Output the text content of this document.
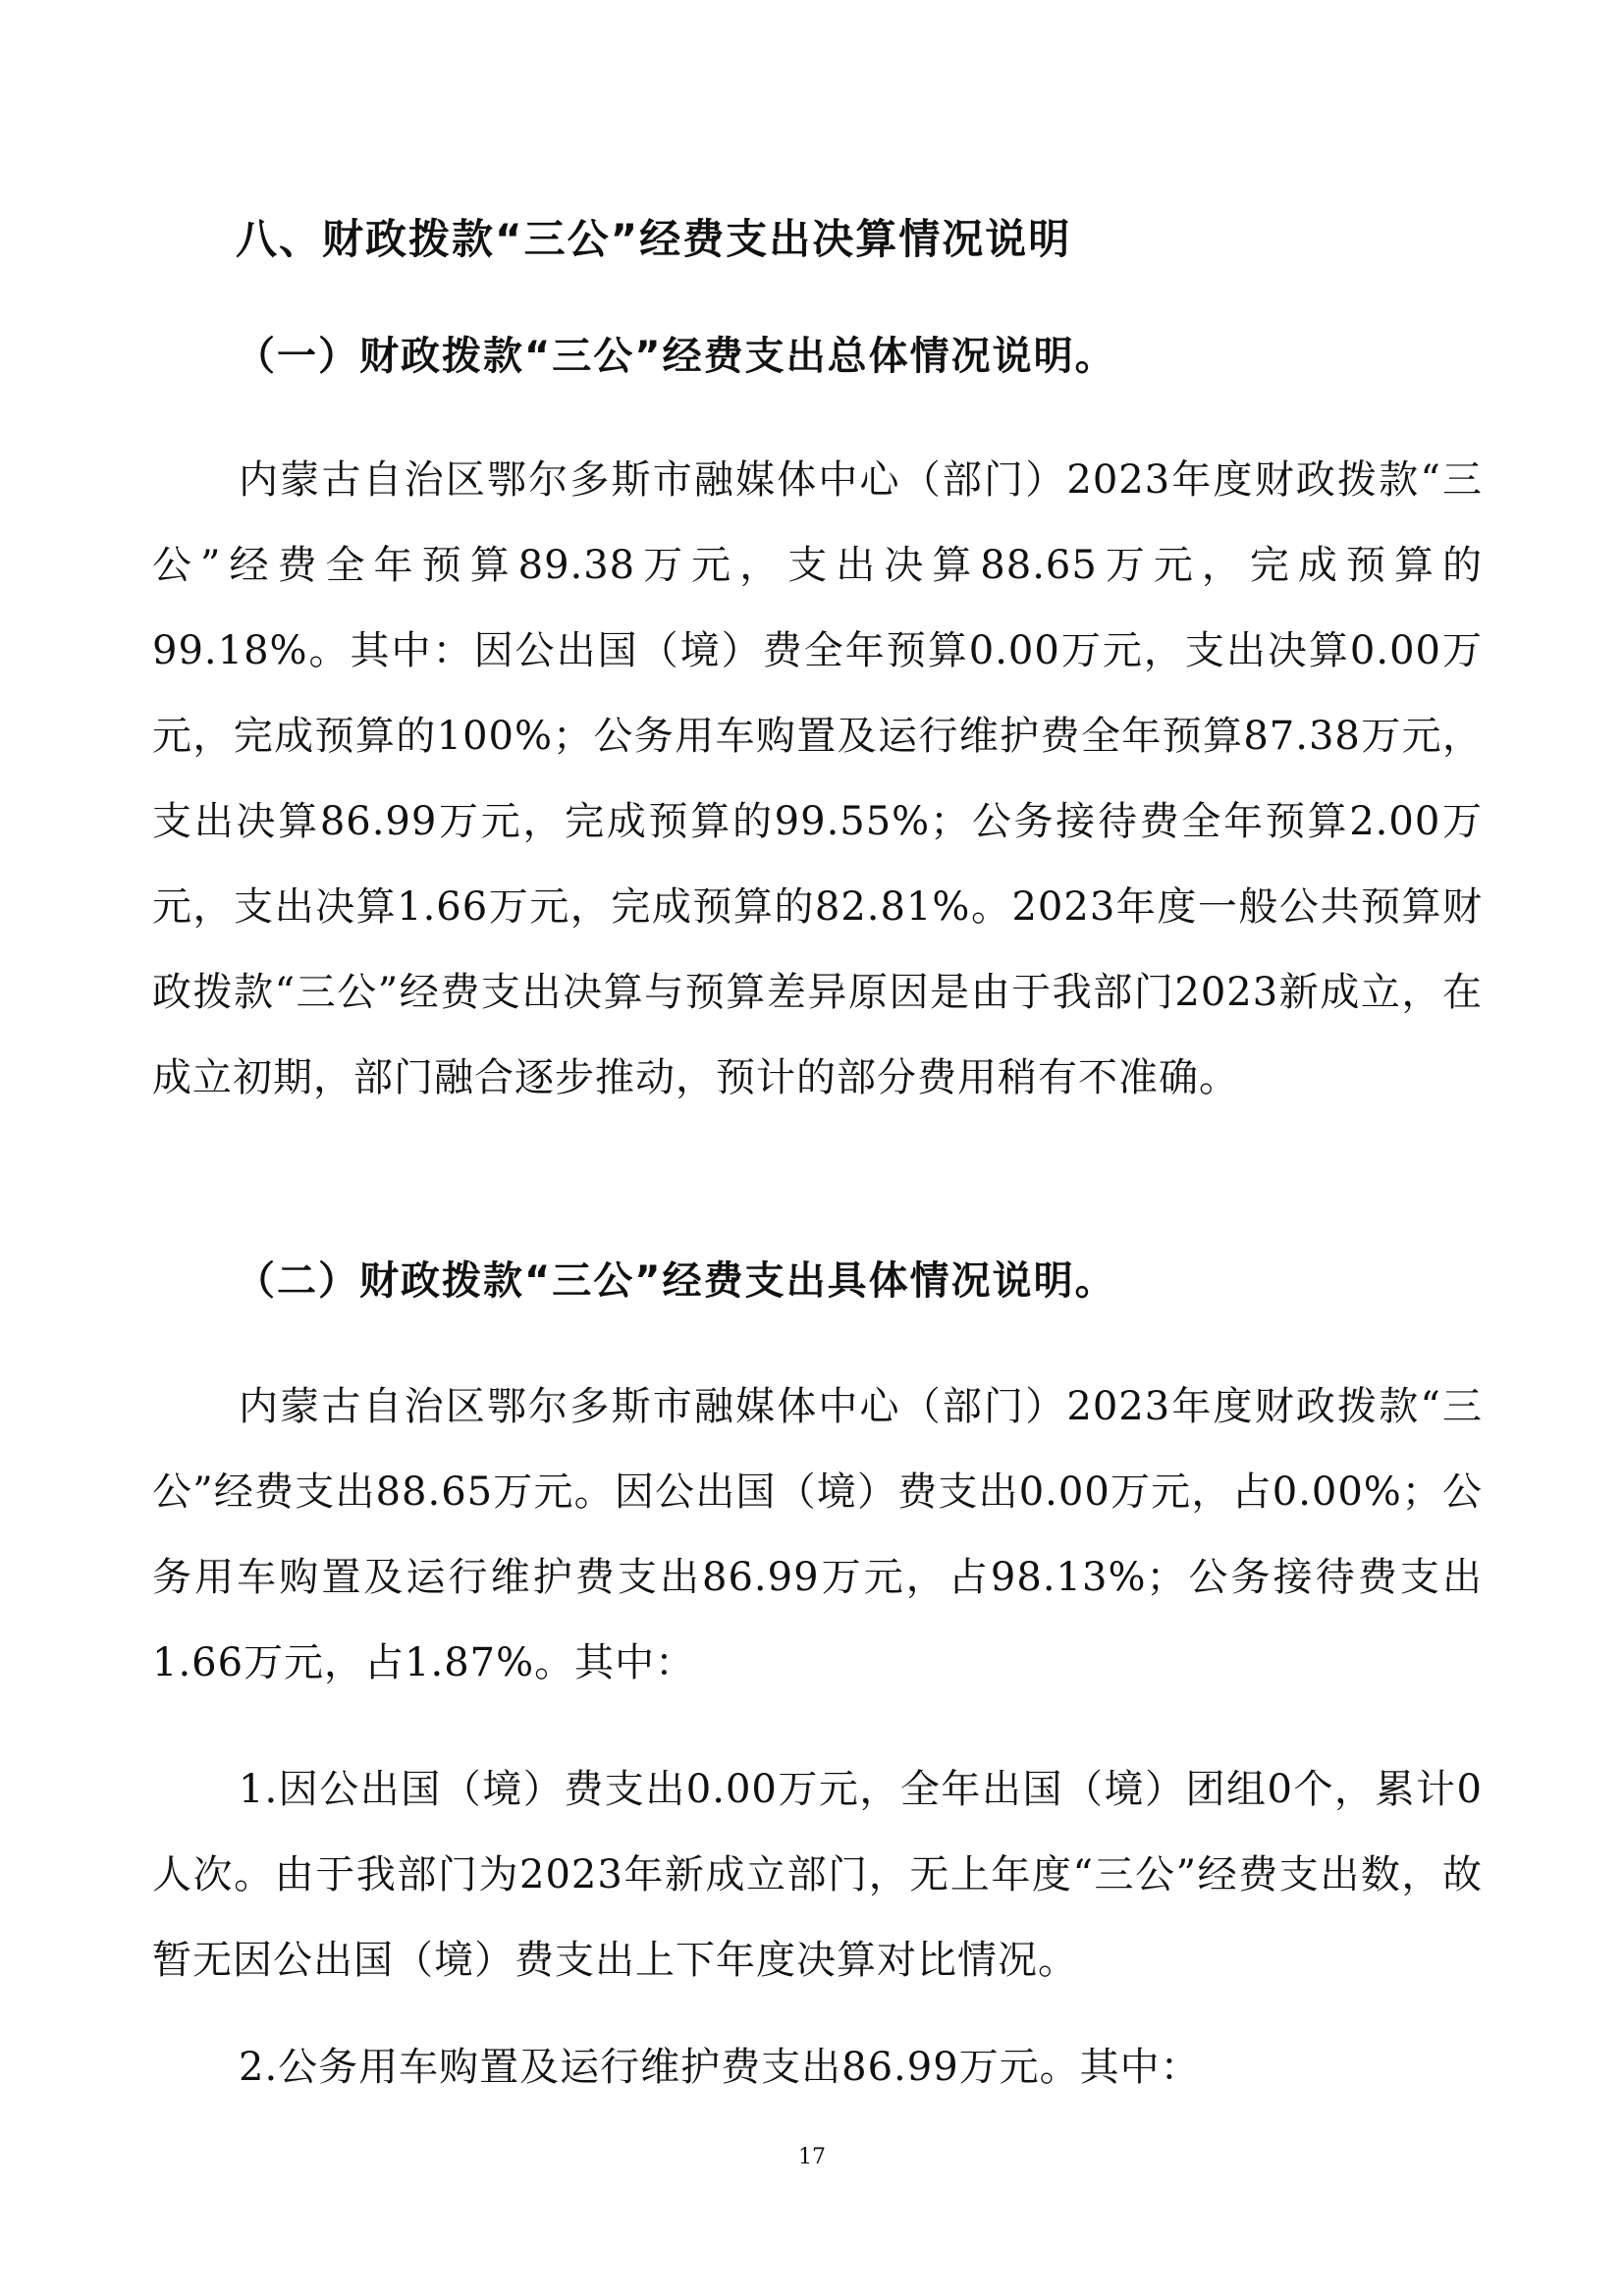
八、财政拨款“三公”经费支出决算情况说明
（一）财政拨款“三公”经费支出总体情况说明。

内蒙古自治区鄂尔多斯市融媒体中心（部门）2023年度财政拨款“三公”经费全年预算89.38万元，支出决算88.65万元，完成预算的99.18%。其中：因公出国（境）费全年预算0.00万元，支出决算0.00万元，完成预算的100%；公务用车购置及运行维护费全年预算87.38万元，支出决算86.99万元，完成预算的99.55%；公务接待费全年预算2.00万元，支出决算1.66万元，完成预算的82.81%。2023年度一般公共预算财政拨款“三公”经费支出决算与预算差异原因是由于我部门2023新成立，在成立初期，部门融合逐步推动，预计的部分费用稍有不准确。

（二）财政拨款“三公”经费支出具体情况说明。

内蒙古自治区鄂尔多斯市融媒体中心（部门）2023年度财政拨款“三公”经费支出88.65万元。因公出国（境）费支出0.00万元，占0.00%；公务用车购置及运行维护费支出86.99万元，占98.13%；公务接待费支出1.66万元，占1.87%。其中：

1.因公出国（境）费支出0.00万元，全年出国（境）团组0个，累计0人次。由于我部门为2023年新成立部门，无上年度“三公”经费支出数，故暂无因公出国（境）费支出上下年度决算对比情况。

2.公务用车购置及运行维护费支出86.99万元。其中：

17
